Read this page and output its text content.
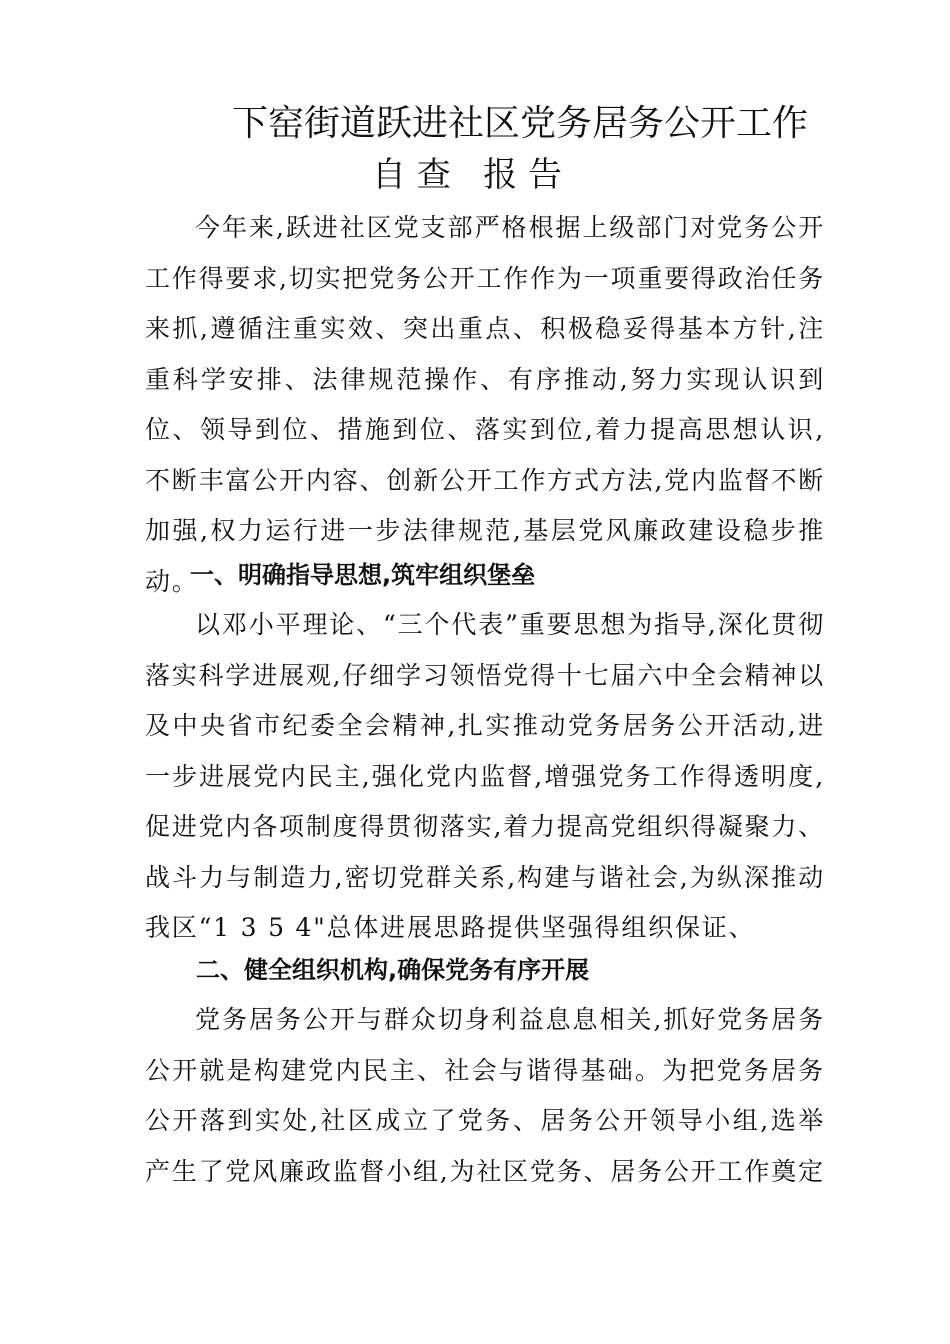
下窑街道跃进社区党务居务公开工作
自 查   报 告
今年来,跃进社区党支部严格根据上级部门对党务公开工作得要求,切实把党务公开工作作为一项重要得政治任务来抓,遵循注重实效、突出重点、积极稳妥得基本方针,注重科学安排、法律规范操作、有序推动,努力实现认识到位、领导到位、措施到位、落实到位,着力提高思想认识,不断丰富公开内容、创新公开工作方式方法,党内监督不断加强,权力运行进一步法律规范,基层党风廉政建设稳步推动。
一、明确指导思想,筑牢组织堡垒
以邓小平理论、“三个代表”重要思想为指导,深化贯彻落实科学进展观,仔细学习领悟党得十七届六中全会精神以及中央省市纪委全会精神,扎实推动党务居务公开活动,进一步进展党内民主,强化党内监督,增强党务工作得透明度,促进党内各项制度得贯彻落实,着力提高党组织得凝聚力、战斗力与制造力,密切党群关系,构建与谐社会,为纵深推动我区“1 3 5 4"总体进展思路提供坚强得组织保证、
二、健全组织机构,确保党务有序开展
党务居务公开与群众切身利益息息相关,抓好党务居务公开就是构建党内民主、社会与谐得基础。为把党务居务公开落到实处,社区成立了党务、居务公开领导小组,选举产生了党风廉政监督小组,为社区党务、居务公开工作奠定
